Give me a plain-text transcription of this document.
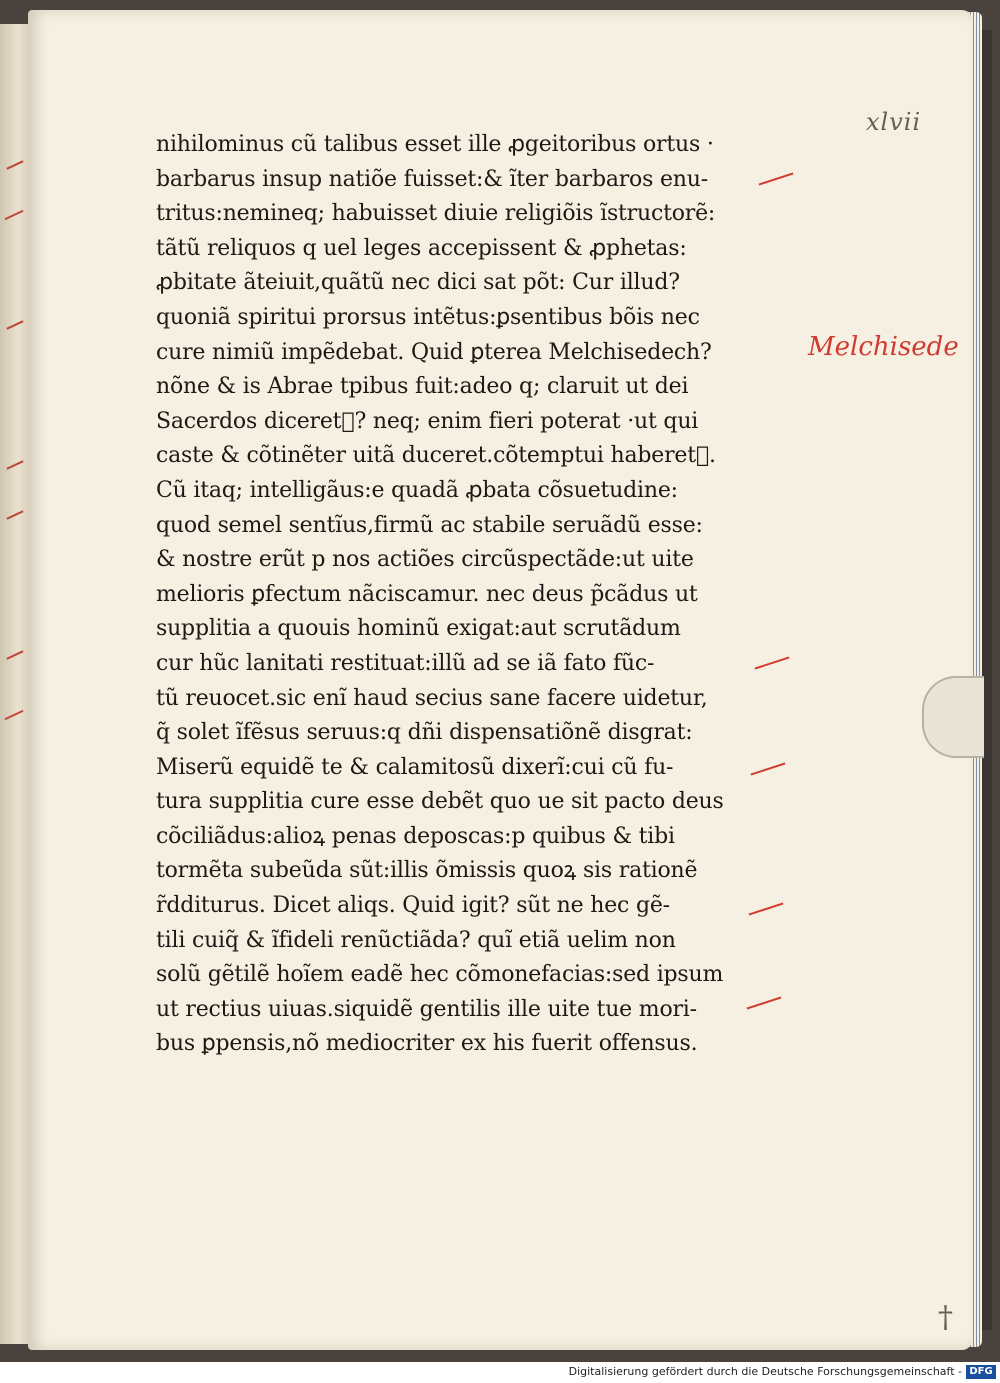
xlvii
nihilominus cũ talibus esset ille ꝓgeitoribus ortus ·
barbarus insup natiõe fuisset:& ĩter barbaros enu-
tritus:nemineq; habuisset diuie religiõis ĩstructorẽ:
tãtũ reliquos q uel leges accepissent & ꝓphetas:
ꝓbitate ãteiuit,quãtũ nec dici sat põt: Cur illud?
quoniã spiritui prorsus intẽtus:ꝑsentibus bõis nec
cure nimiũ impẽdebat. Quid ꝑterea Melchisedech?
nõne & is Abrae tpibus fuit:adeo q; claruit ut dei
Sacerdos diceretᷣ? neq; enim fieri poterat ·ut qui
caste & cõtinẽter uitã duceret.cõtemptui haberetᷣ.
Cũ itaq; intelligãus:e quadã ꝓbata cõsuetudine:
quod semel sentĩus,firmũ ac stabile seruãdũ esse:
& nostre erũt p nos actiões circũspectãde:ut uite
melioris ꝑfectum nãciscamur. nec deus p̃cãdus ut
supplitia a quouis hominũ exigat:aut scrutãdum
cur hũc lanitati restituat:illũ ad se iã fato fũc-
tũ reuocet.sic enĩ haud secius sane facere uidetur,
q̃ solet ĩfẽsus seruus:q dñi dispensatiõnẽ disgrat:
Miserũ equidẽ te & calamitosũ dixerĩ:cui cũ fu-
tura supplitia cure esse debẽt quo ue sit pacto deus
cõciliãdus:alioꝝ penas deposcas:p quibus & tibi
tormẽta subeũda sũt:illis õmissis quoꝝ sis rationẽ
r̃dditurus. Dicet aliqs. Quid igit? sũt ne hec gẽ-
tili cuiq̃ & ĩfideli renũctiãda? quĩ etiã uelim non
solũ gẽtilẽ hoĩem eadẽ hec cõmonefacias:sed ipsum
ut rectius uiuas.siquidẽ gentilis ille uite tue mori-
bus ꝑpensis,nõ mediocriter ex his fuerit offensus.
Melchisede
†
Digitalisierung gefördert durch die Deutsche Forschungsgemeinschaft - DFG
